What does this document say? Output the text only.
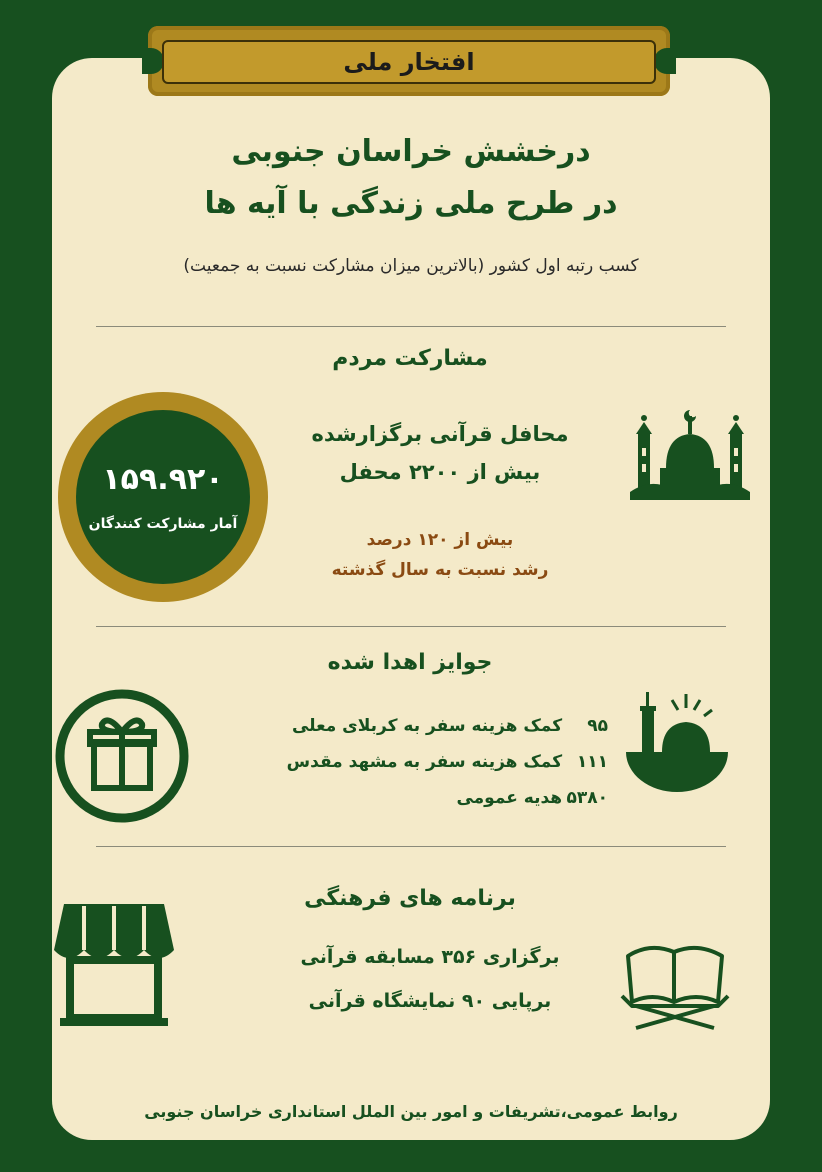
افتخار ملی
درخشش خراسان جنوبی
در طرح ملی زندگی با آیه ها
کسب رتبه اول کشور (بالاترین میزان مشارکت نسبت به جمعیت)
مشارکت مردم
۱۵۹.۹۲۰
آمار مشارکت کنندگان
محافل قرآنی برگزارشده
بیش از ۲۲۰۰ محفل
بیش از ۱۲۰ درصد
رشد نسبت به سال گذشته
جوایز اهدا شده
۹۵ کمک هزینه سفر به کربلای معلی
۱۱۱ کمک هزینه سفر به مشهد مقدس
۵۳۸۰ هدیه عمومی
برنامه های فرهنگی
برگزاری ۳۵۶ مسابقه قرآنی
برپایی ۹۰ نمایشگاه قرآنی
روابط عمومی،تشریفات و امور بین الملل استانداری خراسان جنوبی
